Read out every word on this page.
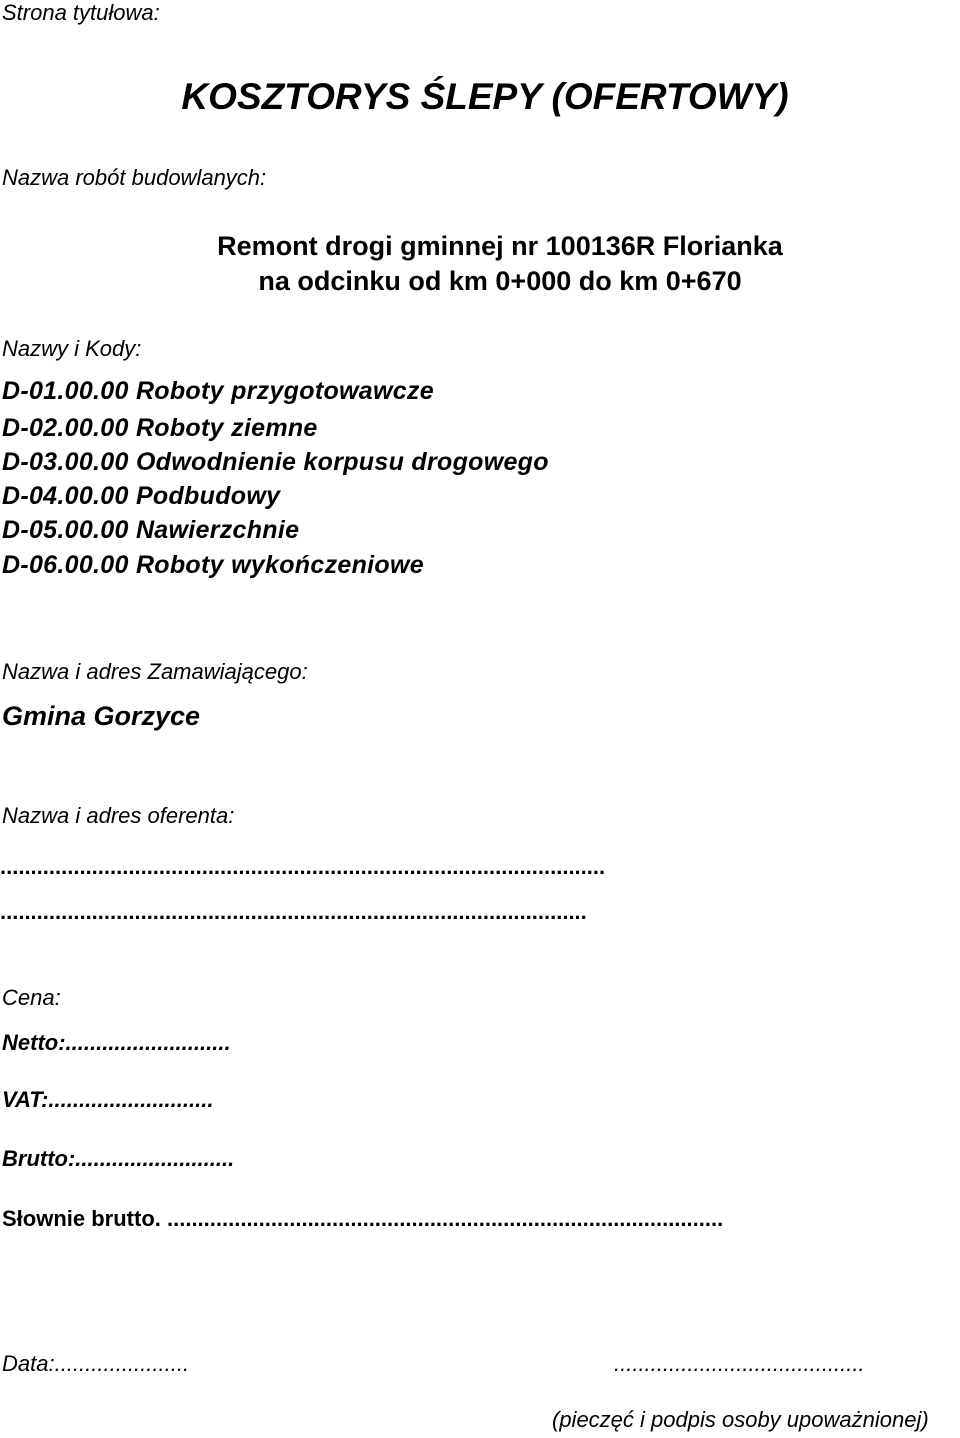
Strona tytułowa:

KOSZTORYS ŚLEPY (OFERTOWY)

Nazwa robót budowlanych:

Remont drogi gminnej nr 100136R Florianka

na odcinku od km 0+000 do km 0+670

Nazwy i Kody:

D-01.00.00 Roboty przygotowawcze

D-02.00.00 Roboty ziemne

D-03.00.00 Odwodnienie korpusu drogowego

D-04.00.00 Podbudowy

D-05.00.00 Nawierzchnie

D-06.00.00 Roboty wykończeniowe

Nazwa i adres Zamawiającego:

Gmina Gorzyce

Nazwa i adres oferenta:

...................................................................................................

................................................................................................

Cena:

Netto:...........................

VAT:...........................

Brutto:..........................

Słownie brutto. ...........................................................................................

Data:......................	.........................................

(pieczęć i podpis osoby upoważnionej)
